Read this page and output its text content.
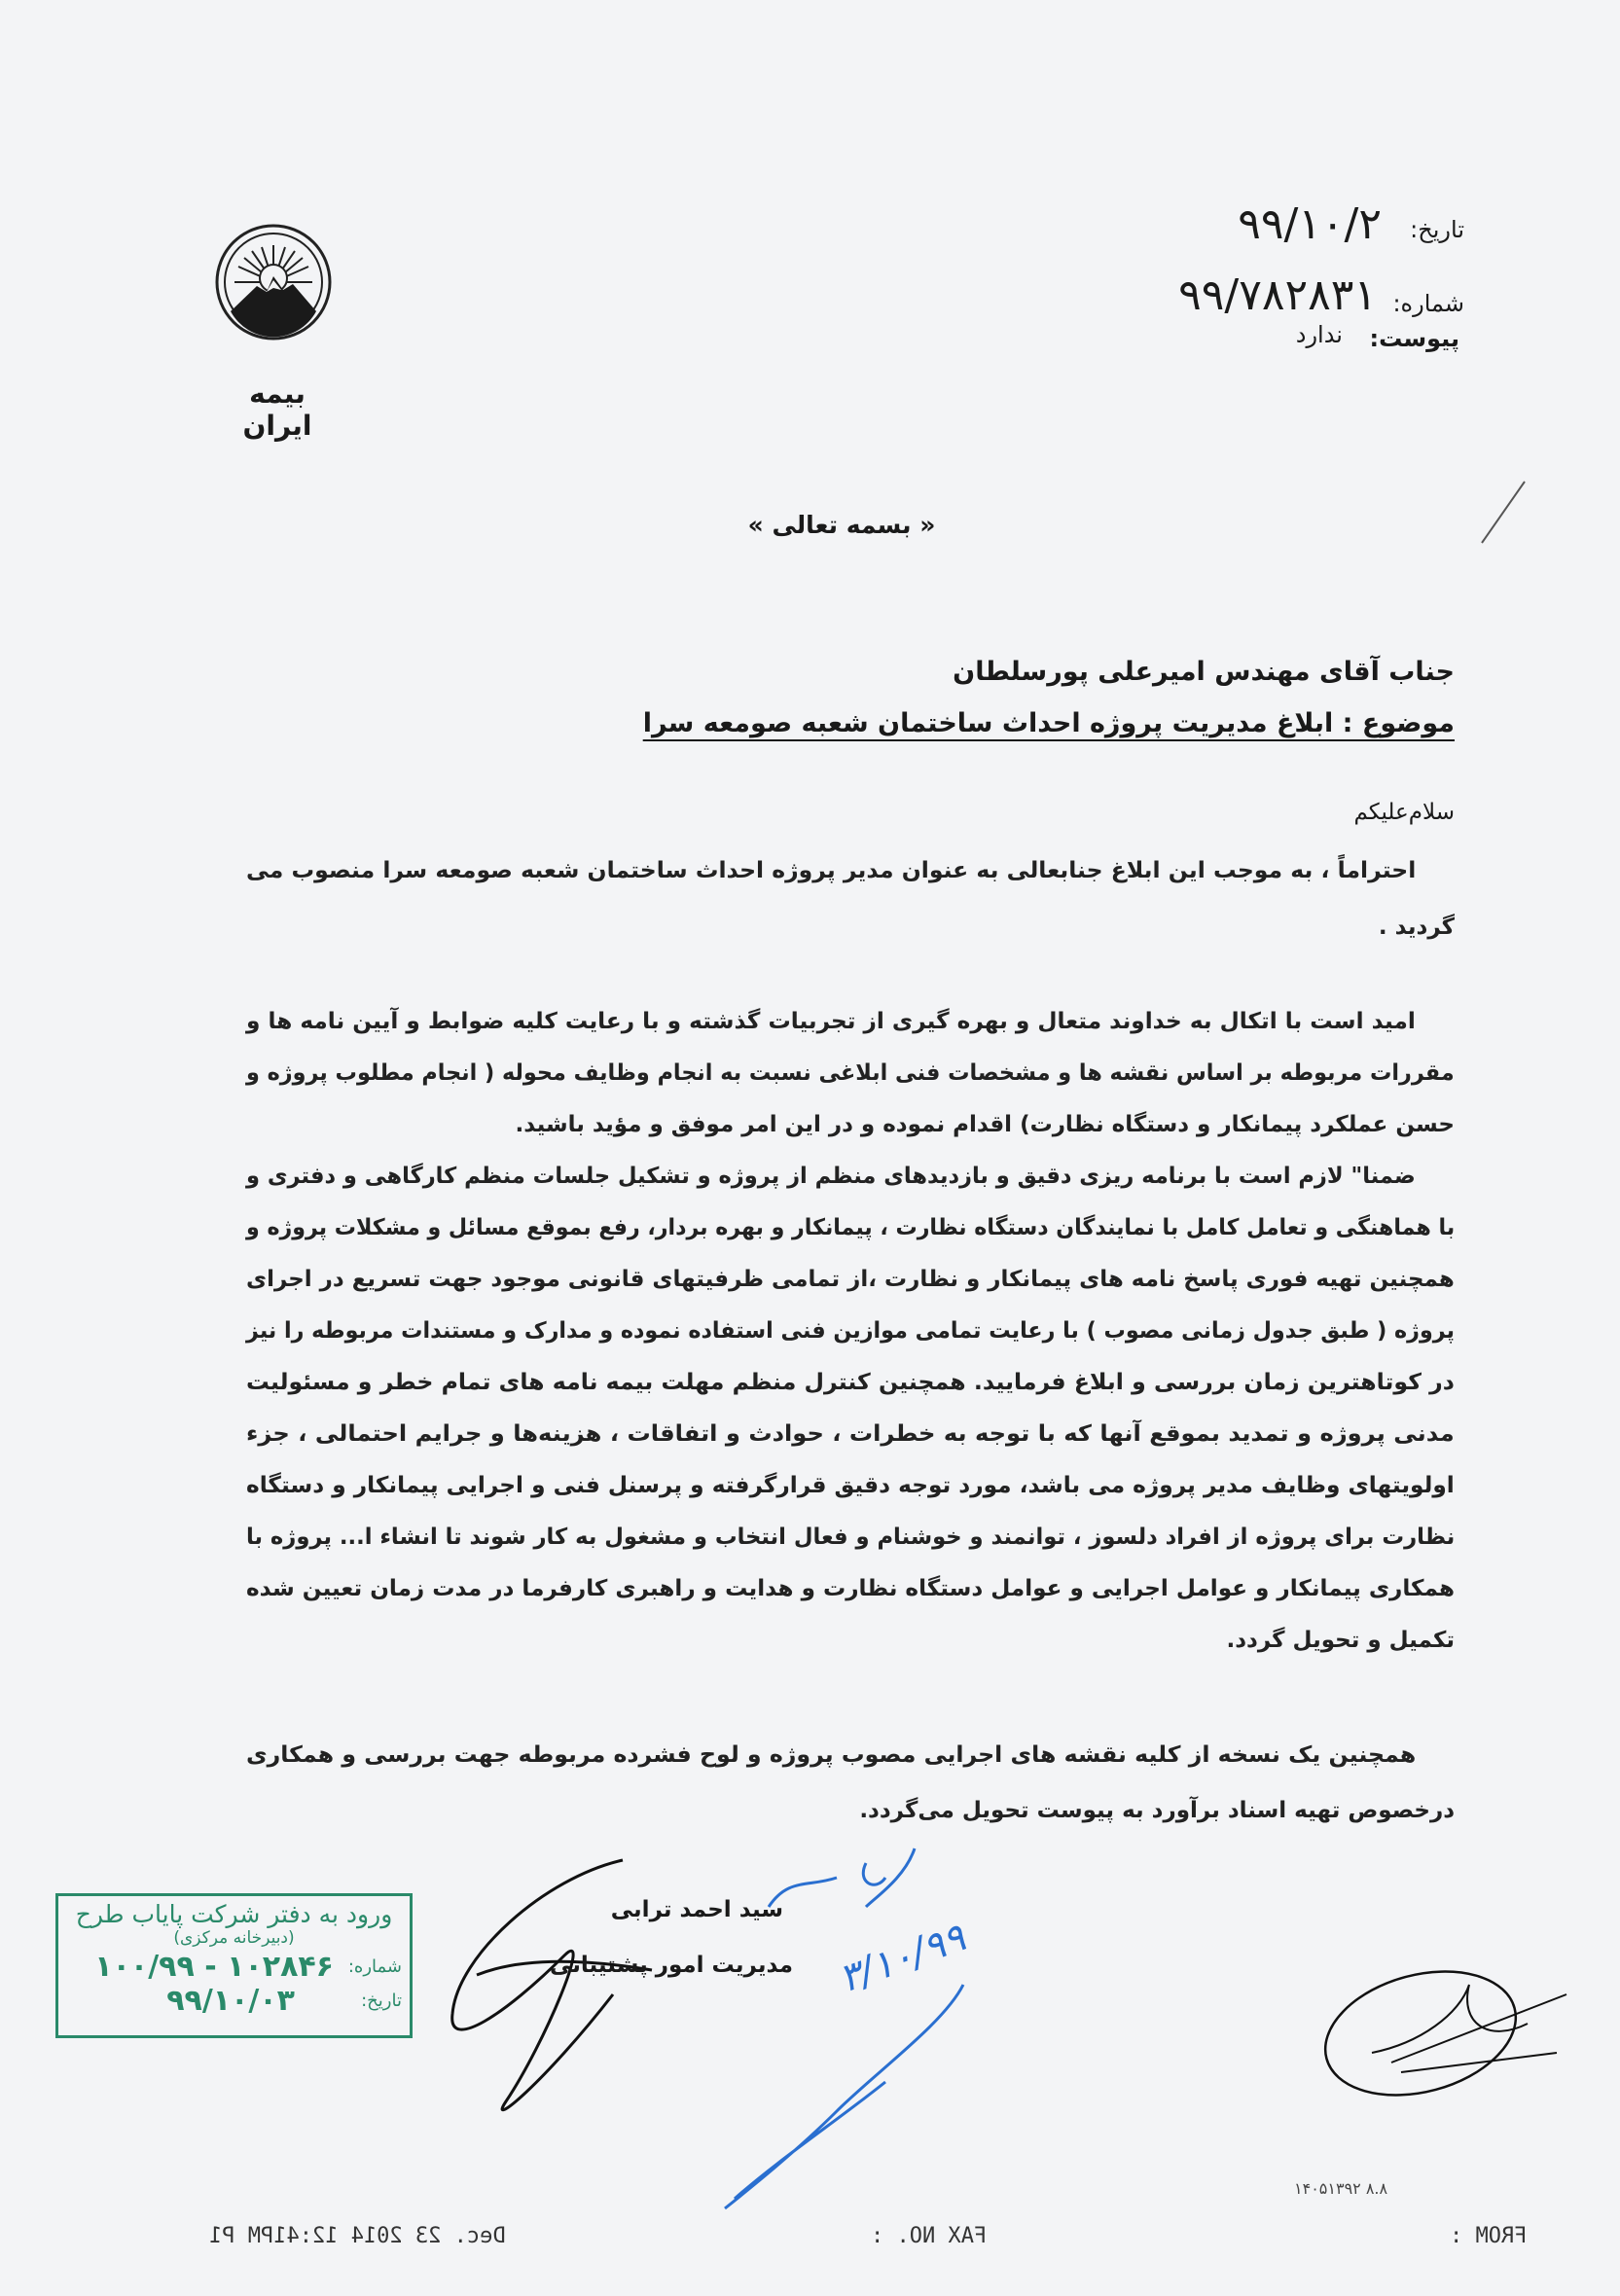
بیمه ایران
تاریخ:
۹۹/۱۰/۲
شماره:
۹۹/۷۸۲۸۳۱
پیوست:
ندارد
« بسمه تعالی »
جناب آقای مهندس امیرعلی پورسلطان
موضوع : ابلاغ مدیریت پروژه احداث ساختمان شعبه صومعه سرا
سلام‌علیکم
احتراماً ، به موجب این ابلاغ جنابعالی به عنوان مدیر پروژه احداث ساختمان شعبه صومعه سرا منصوب می
گردید .
امید است با اتکال به خداوند متعال و بهره گیری از تجربیات گذشته و با رعایت کلیه ضوابط و آیین نامه ها و
مقررات مربوطه بر اساس نقشه ها و مشخصات فنی ابلاغی نسبت به انجام وظایف محوله ( انجام مطلوب پروژه و
حسن عملکرد پیمانکار و دستگاه نظارت) اقدام نموده و در این امر موفق و مؤید باشید.
ضمنا" لازم است با برنامه ریزی دقیق و بازدیدهای منظم از پروژه و تشکیل جلسات منظم کارگاهی و دفتری و
با هماهنگی و تعامل کامل با نمایندگان دستگاه نظارت ، پیمانکار و بهره بردار، رفع بموقع مسائل و مشکلات پروژه و
همچنین تهیه فوری پاسخ نامه های پیمانکار و نظارت ،از تمامی ظرفیتهای قانونی موجود جهت تسریع در اجرای
پروژه ( طبق جدول زمانی مصوب ) با رعایت تمامی موازین فنی استفاده نموده و مدارک و مستندات مربوطه را نیز
در کوتاهترین زمان بررسی و ابلاغ فرمایید. همچنین کنترل منظم مهلت بیمه نامه های تمام خطر و مسئولیت
مدنی پروژه و تمدید بموقع آنها که با توجه به خطرات ، حوادث و اتفاقات ، هزینه‌ها و جرایم احتمالی ، جزء
اولویتهای وظایف مدیر پروژه می باشد، مورد توجه دقیق قرارگرفته و پرسنل فنی و اجرایی پیمانکار و دستگاه
نظارت برای پروژه از افراد دلسوز ، توانمند و خوشنام و فعال انتخاب و مشغول به کار شوند تا انشاء ا... پروژه با
همکاری پیمانکار و عوامل اجرایی و عوامل دستگاه نظارت و هدایت و راهبری کارفرما در مدت زمان تعیین شده
تکمیل و تحویل گردد.
همچنین یک نسخه از کلیه نقشه های اجرایی مصوب پروژه و لوح فشرده مربوطه جهت بررسی و همکاری
درخصوص تهیه اسناد برآورد به پیوست تحویل می‌گردد.
ورود به دفتر شرکت پایاب طرح
(دبیرخانه مرکزی)
شماره:
۱۰۰/۹۹ - ۱۰۲۸۴۶
تاریخ:
۹۹/۱۰/۰۳
سید احمد ترابی
مدیریت امور پشتیبانی ۳/۱۰/۹۹
۱۴۰۵۱۳۹۲ ۸.۸
FROM :
FAX NO. :
Dec. 23 2014 12:41PM P1
